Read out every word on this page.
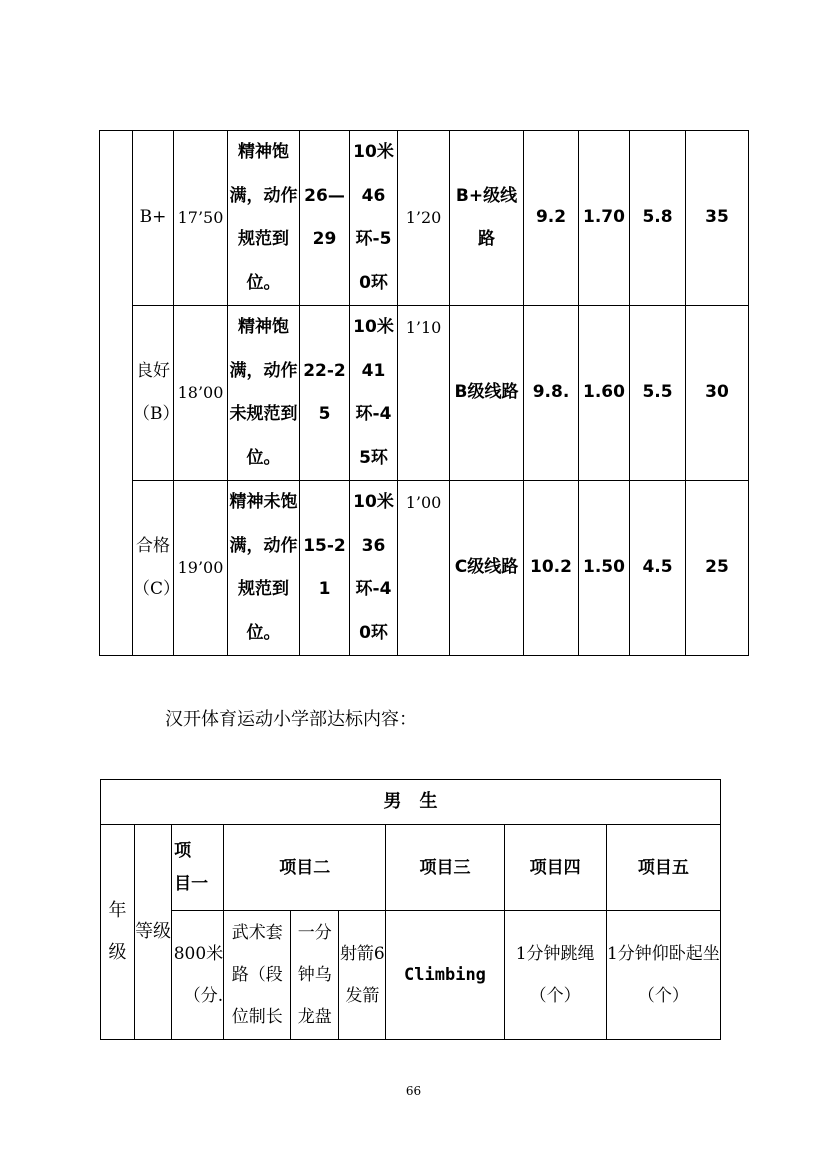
	B+	17’50	精神饱满，动作规范到位。	26—29	10米46环-50环	1’20	B+级线路	9.2	1.70	5.8	35
	良好（B）	18’00	精神饱满，动作未规范到位。	22-25	10米41环-45环	1’10	B级线路	9.8.	1.60	5.5	30
	合格（C）	19’00	精神未饱满，动作规范到位。	15-21	10米36环-40环	1’00	C级线路	10.2	1.50	4.5	25
汉开体育运动小学部达标内容：
男　生								
年级	等级	项　目一	项目二			项目三	项目四	项目五
		800米（分.	武术套路（段位制长	一分钟乌龙盘	射箭6发箭	Climbing	1分钟跳绳（个）	1分钟仰卧起坐（个）
66
